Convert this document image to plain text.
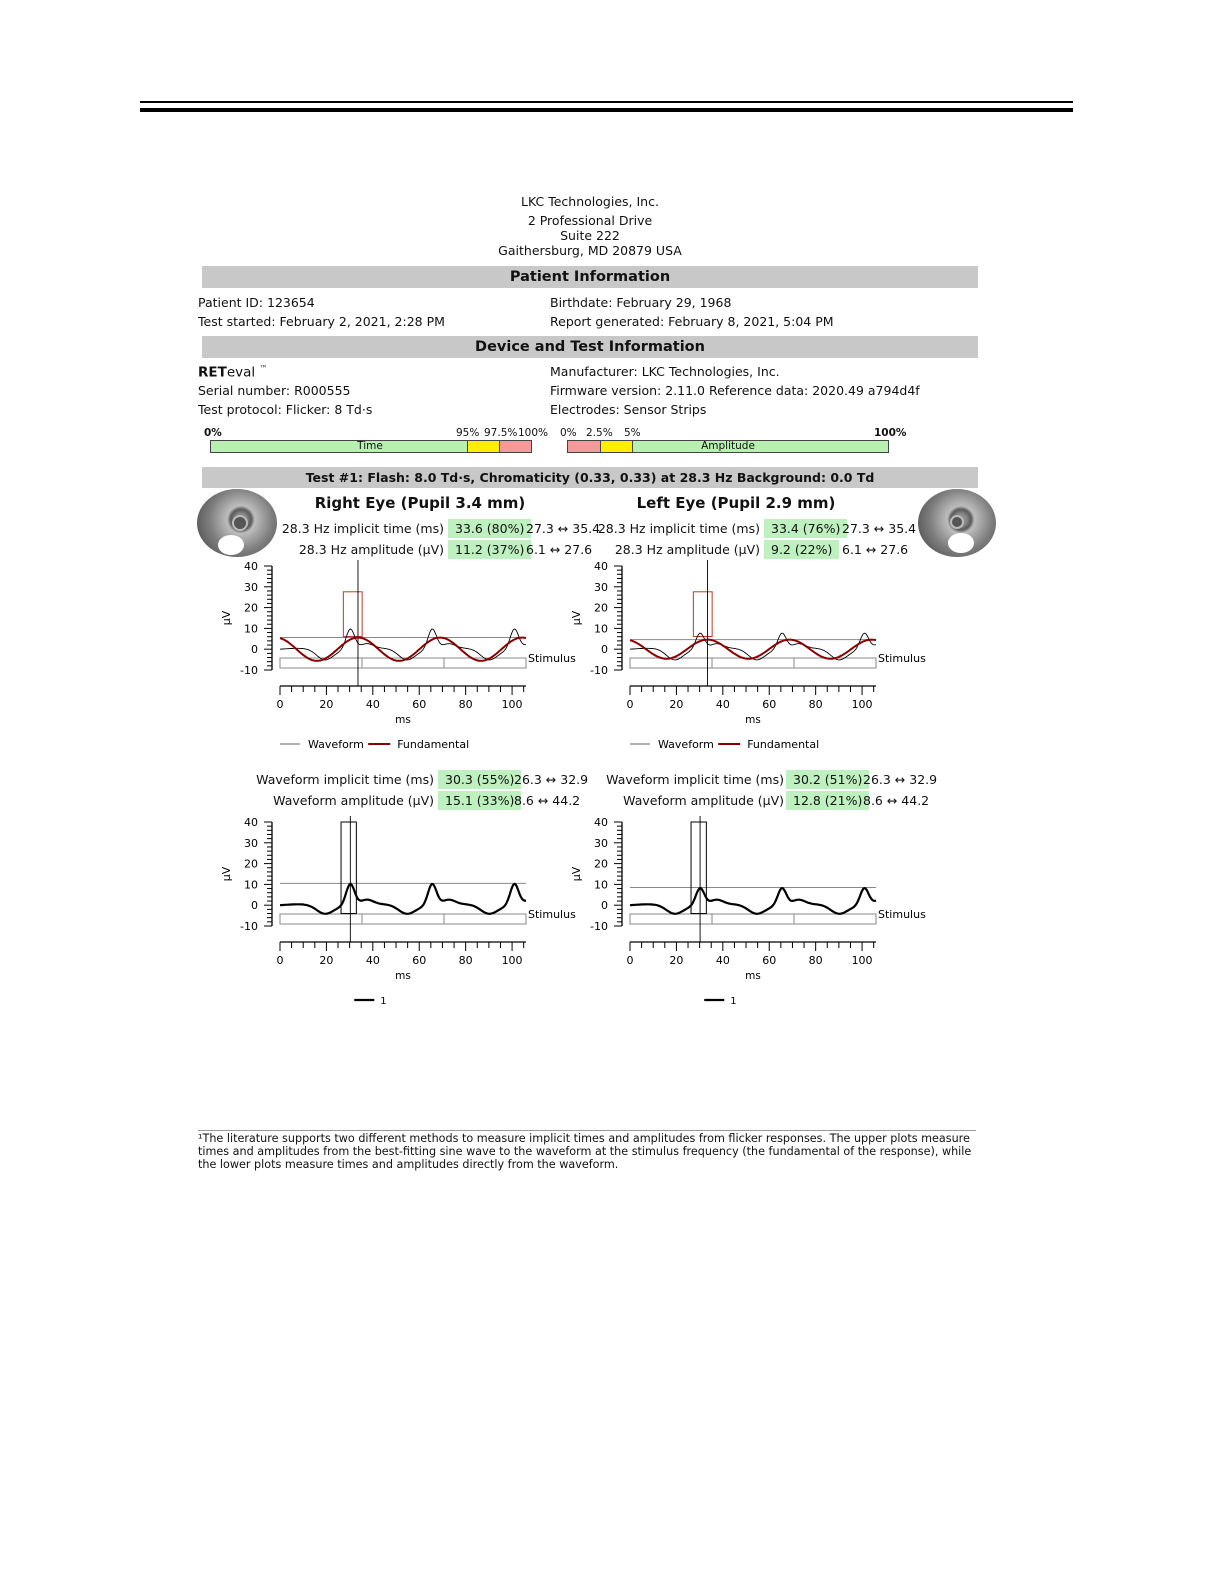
LKC Technologies, Inc.
2 Professional Drive
Suite 222
Gaithersburg, MD 20879 USA
Patient Information
Patient ID: 123654
Test started: February 2, 2021, 2:28 PM
Birthdate: February 29, 1968
Report generated: February 8, 2021, 5:04 PM
Device and Test Information
RETeval ™
Serial number: R000555
Test protocol: Flicker: 8 Td·s
Manufacturer: LKC Technologies, Inc.
Firmware version: 2.11.0 Reference data: 2020.49 a794d4f
Electrodes: Sensor Strips
0%	95% 97.5% 100%
Time
0% 2.5% 5%	100%
Amplitude
Test #1: Flash: 8.0 Td·s, Chromaticity (0.33, 0.33) at 28.3 Hz Background: 0.0 Td
Right Eye (Pupil 3.4 mm)	Left Eye (Pupil 2.9 mm)
28.3 Hz implicit time (ms) 33.6 (80%) 27.3 ↔ 35.4
28.3 Hz amplitude (µV) 11.2 (37%) 6.1 ↔ 27.6
28.3 Hz implicit time (ms) 33.4 (76%) 27.3 ↔ 35.4
28.3 Hz amplitude (µV) 9.2 (22%) 6.1 ↔ 27.6
-10
0
10
20
30
40
µV
0	20	40	60	80	100
ms
Stimulus
Waveform	Fundamental
-10
0
10
20
30
40
µV
0	20	40	60	80	100
ms
Stimulus
Waveform	Fundamental
Waveform implicit time (ms) 30.3 (55%) 26.3 ↔ 32.9
Waveform amplitude (µV) 15.1 (33%) 8.6 ↔ 44.2
Waveform implicit time (ms) 30.2 (51%) 26.3 ↔ 32.9
Waveform amplitude (µV) 12.8 (21%) 8.6 ↔ 44.2
-10
0
10
20
30
40
µV
0	20	40	60	80	100
ms
Stimulus
1
-10
0
10
20
30
40
µV
0	20	40	60	80	100
ms
Stimulus
1
¹The literature supports two different methods to measure implicit times and amplitudes from flicker responses. The upper plots measure times and amplitudes from the best-fitting sine wave to the waveform at the stimulus frequency (the fundamental of the response), while the lower plots measure times and amplitudes directly from the waveform.
